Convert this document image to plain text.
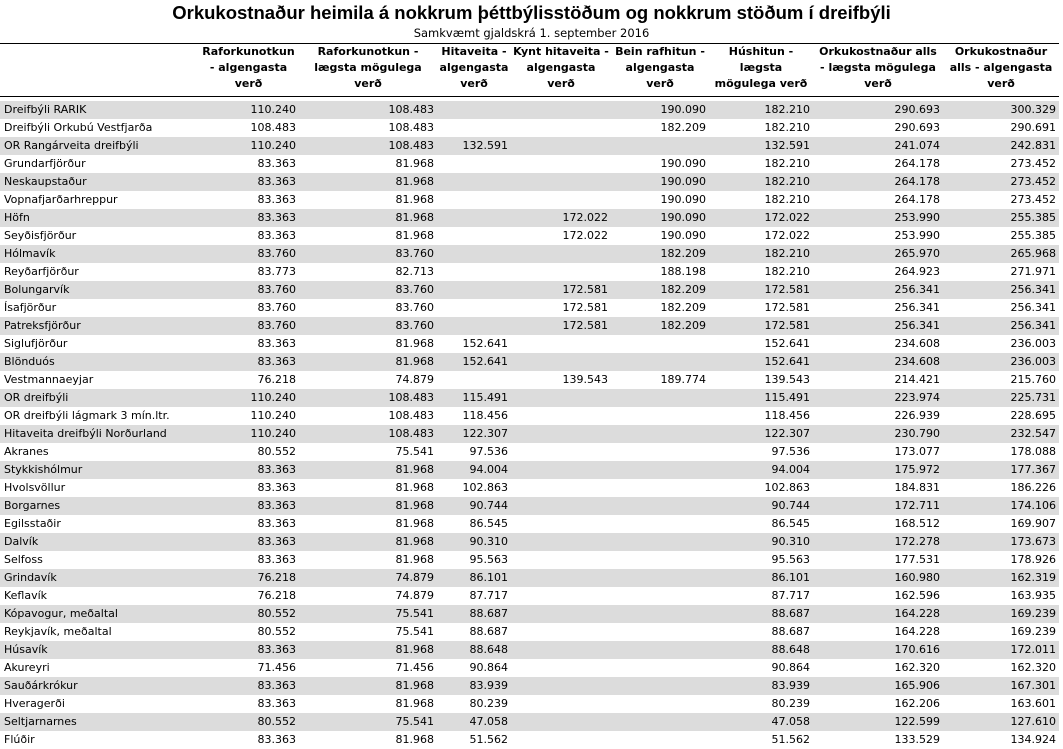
Orkukostnaður heimila á nokkrum þéttbýlisstöðum og nokkrum stöðum í dreifbýli
Samkvæmt gjaldskrá 1. september 2016
	Raforkunotkun - algengasta verð	Raforkunotkun - lægsta mögulega verð	Hitaveita - algengasta verð	Kynt hitaveita - algengasta verð	Bein rafhitun - algengasta verð	Húshitun - lægsta mögulega verð	Orkukostnaður alls - lægsta mögulega verð	Orkukostnaður alls - algengasta verð

Dreifbýli RARIK	110.240	108.483			190.090	182.210	290.693	300.329
Dreifbýli Orkubú Vestfjarða	108.483	108.483			182.209	182.210	290.693	290.691
OR Rangárveita dreifbýli	110.240	108.483	132.591			132.591	241.074	242.831
Grundarfjörður	83.363	81.968			190.090	182.210	264.178	273.452
Neskaupstaður	83.363	81.968			190.090	182.210	264.178	273.452
Vopnafjarðarhreppur	83.363	81.968			190.090	182.210	264.178	273.452
Höfn	83.363	81.968		172.022	190.090	172.022	253.990	255.385
Seyðisfjörður	83.363	81.968		172.022	190.090	172.022	253.990	255.385
Hólmavík	83.760	83.760			182.209	182.210	265.970	265.968
Reyðarfjörður	83.773	82.713			188.198	182.210	264.923	271.971
Bolungarvík	83.760	83.760		172.581	182.209	172.581	256.341	256.341
Ísafjörður	83.760	83.760		172.581	182.209	172.581	256.341	256.341
Patreksfjörður	83.760	83.760		172.581	182.209	172.581	256.341	256.341
Siglufjörður	83.363	81.968	152.641			152.641	234.608	236.003
Blönduós	83.363	81.968	152.641			152.641	234.608	236.003
Vestmannaeyjar	76.218	74.879		139.543	189.774	139.543	214.421	215.760
OR dreifbýli	110.240	108.483	115.491			115.491	223.974	225.731
OR dreifbýli lágmark 3 mín.ltr.	110.240	108.483	118.456			118.456	226.939	228.695
Hitaveita dreifbýli Norðurland	110.240	108.483	122.307			122.307	230.790	232.547
Akranes	80.552	75.541	97.536			97.536	173.077	178.088
Stykkishólmur	83.363	81.968	94.004			94.004	175.972	177.367
Hvolsvöllur	83.363	81.968	102.863			102.863	184.831	186.226
Borgarnes	83.363	81.968	90.744			90.744	172.711	174.106
Egilsstaðir	83.363	81.968	86.545			86.545	168.512	169.907
Dalvík	83.363	81.968	90.310			90.310	172.278	173.673
Selfoss	83.363	81.968	95.563			95.563	177.531	178.926
Grindavík	76.218	74.879	86.101			86.101	160.980	162.319
Keflavík	76.218	74.879	87.717			87.717	162.596	163.935
Kópavogur, meðaltal	80.552	75.541	88.687			88.687	164.228	169.239
Reykjavík, meðaltal	80.552	75.541	88.687			88.687	164.228	169.239
Húsavík	83.363	81.968	88.648			88.648	170.616	172.011
Akureyri	71.456	71.456	90.864			90.864	162.320	162.320
Sauðárkrókur	83.363	81.968	83.939			83.939	165.906	167.301
Hveragerði	83.363	81.968	80.239			80.239	162.206	163.601
Seltjarnarnes	80.552	75.541	47.058			47.058	122.599	127.610
Flúðir	83.363	81.968	51.562			51.562	133.529	134.924
